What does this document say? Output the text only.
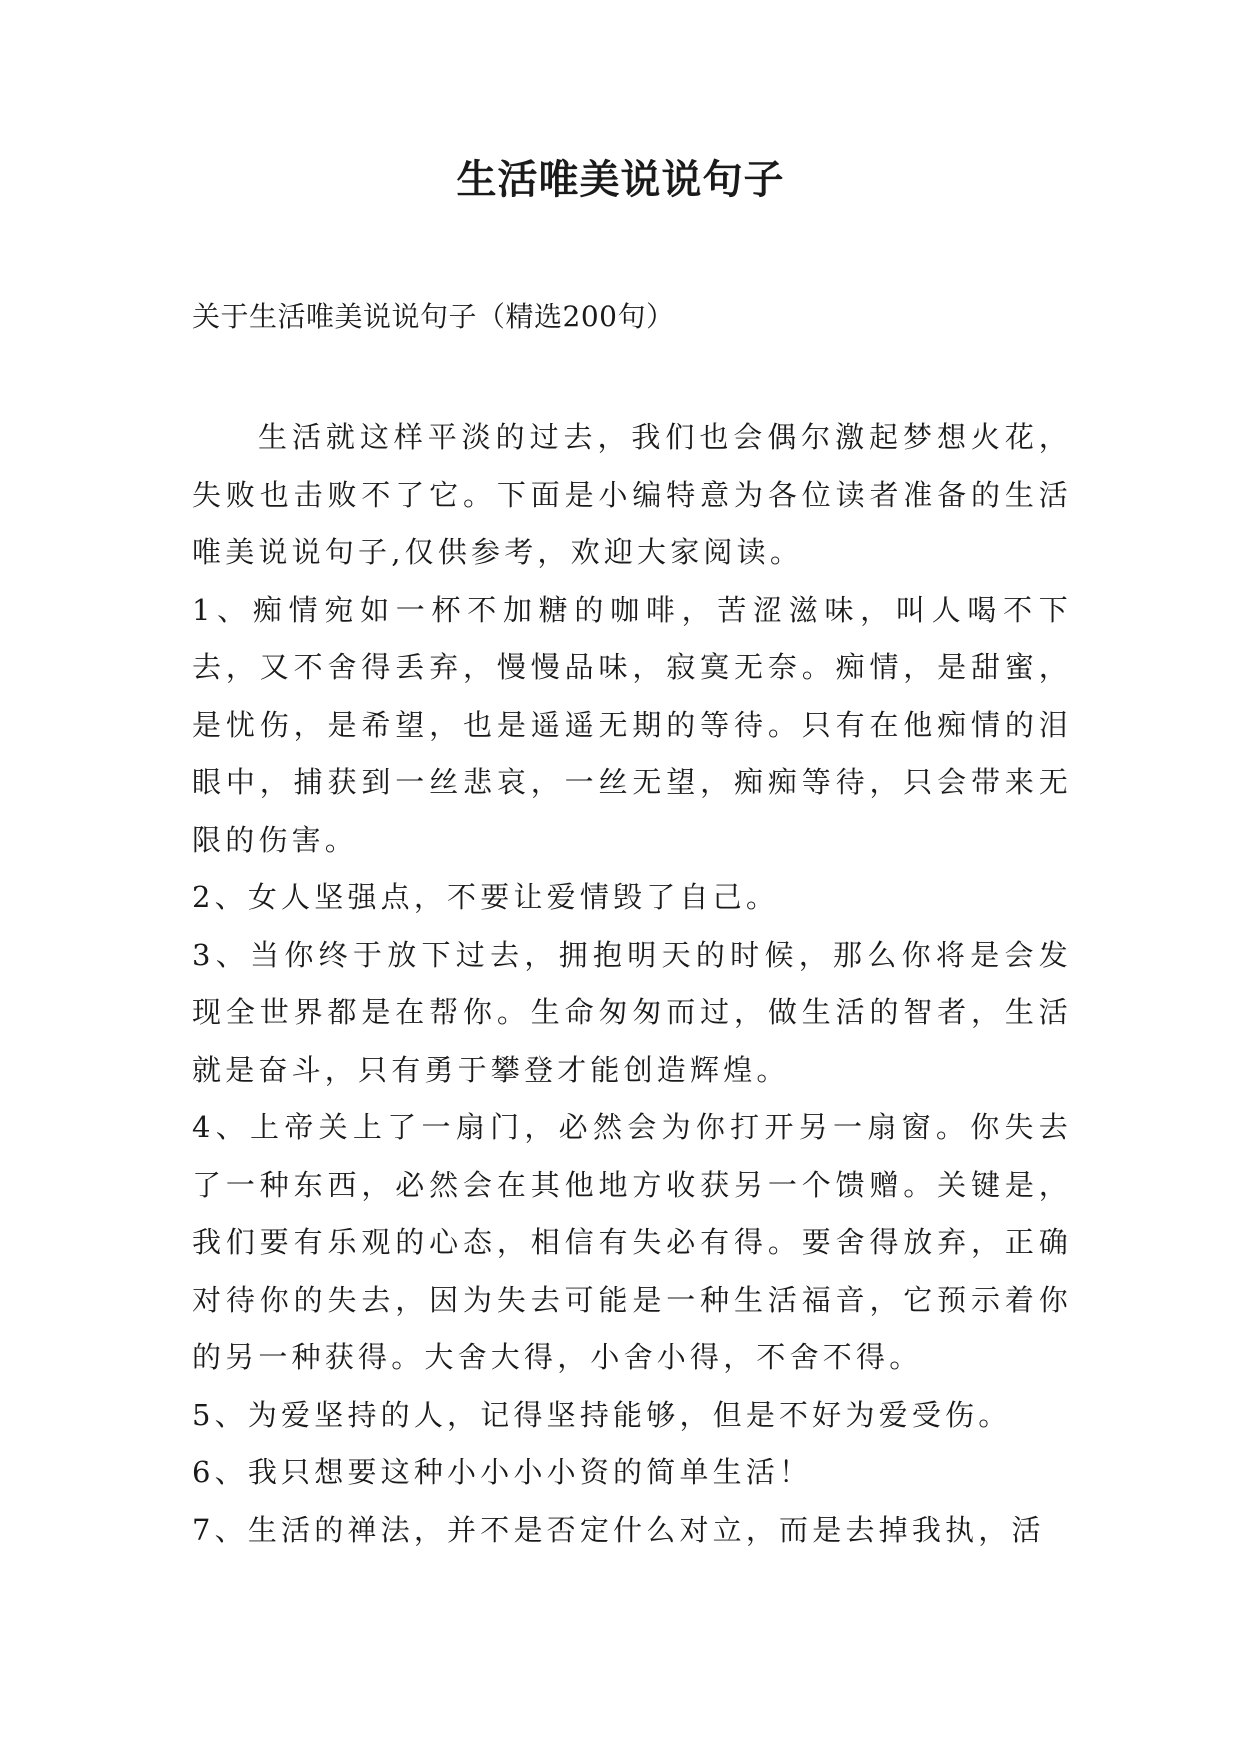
生活唯美说说句子
关于生活唯美说说句子（精选200句）

生活就这样平淡的过去，我们也会偶尔激起梦想火花，失败也击败不了它。下面是小编特意为各位读者准备的生活唯美说说句子,仅供参考，欢迎大家阅读。

1、痴情宛如一杯不加糖的咖啡，苦涩滋味，叫人喝不下去，又不舍得丢弃，慢慢品味，寂寞无奈。痴情，是甜蜜，是忧伤，是希望，也是遥遥无期的等待。只有在他痴情的泪眼中，捕获到一丝悲哀，一丝无望，痴痴等待，只会带来无限的伤害。

2、女人坚强点，不要让爱情毁了自己。

3、当你终于放下过去，拥抱明天的时候，那么你将是会发现全世界都是在帮你。生命匆匆而过，做生活的智者，生活就是奋斗，只有勇于攀登才能创造辉煌。

4、上帝关上了一扇门，必然会为你打开另一扇窗。你失去了一种东西，必然会在其他地方收获另一个馈赠。关键是，我们要有乐观的心态，相信有失必有得。要舍得放弃，正确对待你的失去，因为失去可能是一种生活福音，它预示着你的另一种获得。大舍大得，小舍小得，不舍不得。

5、为爱坚持的人，记得坚持能够，但是不好为爱受伤。

6、我只想要这种小小小小资的简单生活！

7、生活的禅法，并不是否定什么对立，而是去掉我执，活
